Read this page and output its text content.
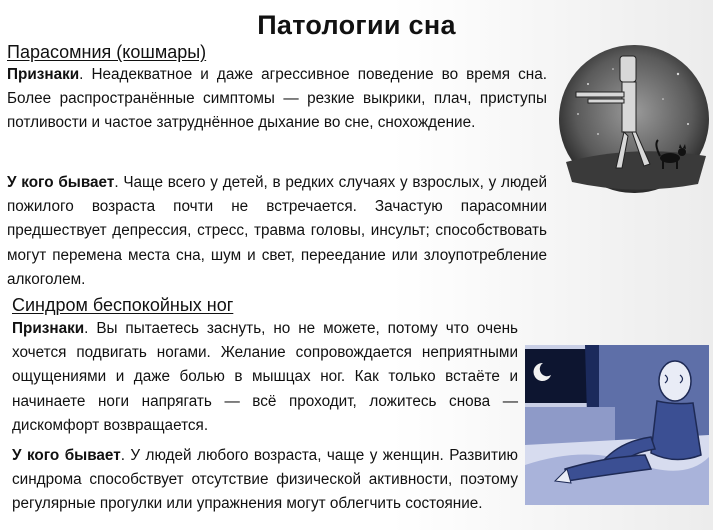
Патологии сна
Парасомния (кошмары)

Признаки. Неадекватное и даже агрессивное поведение во время сна. Более распространённые симптомы — резкие выкрики, плач, приступы потливости и частое затруднённое дыхание во сне, снохождение.

У кого бывает. Чаще всего у детей, в редких случаях у взрослых, у людей пожилого возраста почти не встречается. Зачастую парасомнии предшествует депрессия, стресс, травма головы, инсульт; способствовать могут перемена места сна, шум и свет, переедание или злоупотребление алкоголем.

Синдром беспокойных ног

Признаки. Вы пытаетесь заснуть, но не можете, потому что очень хочется подвигать ногами. Желание сопровождается неприятными ощущениями и даже болью в мышцах ног. Как только встаёте и начинаете ноги напрягать — всё проходит, ложитесь снова — дискомфорт возвращается.

У кого бывает. У людей любого возраста, чаще у женщин. Развитию синдрома способствует отсутствие физической активности, поэтому регулярные прогулки или упражнения могут облегчить состояние.
